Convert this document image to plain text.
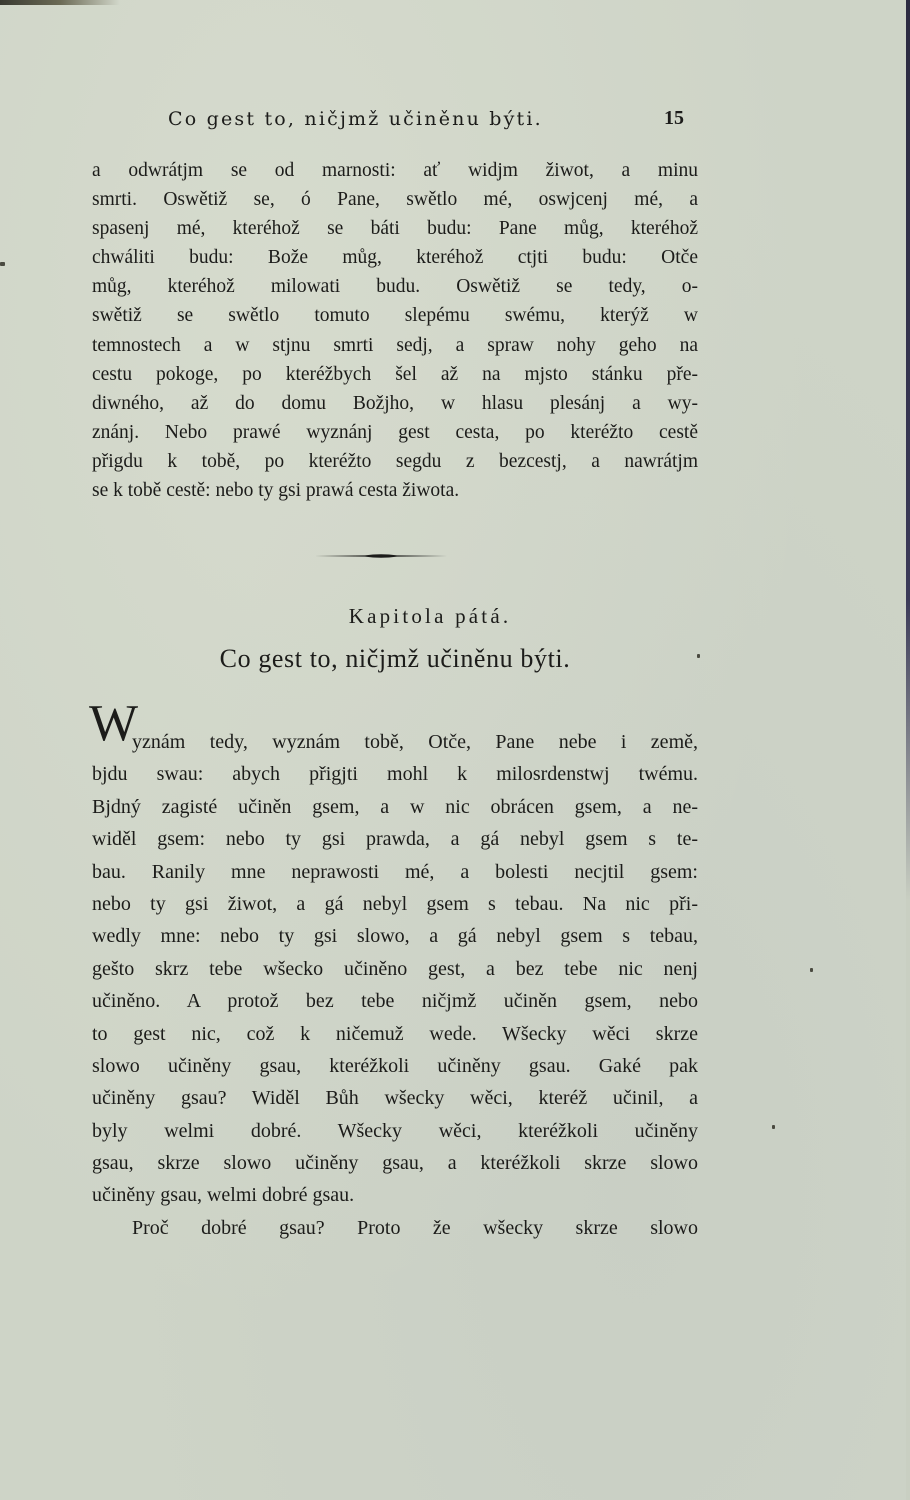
Co gest to, ničjmž učiněnu býti.	15
a odwrátjm se od marnosti: ať widjm žiwot, a minu
smrti. Oswětiž se, ó Pane, swětlo mé, oswjcenj mé, a
spasenj mé, kteréhož se báti budu: Pane můg, kteréhož
chwáliti budu: Bože můg, kteréhož ctjti budu: Otče
můg, kteréhož milowati budu. Oswětiž se tedy, o-
swětiž se swětlo tomuto slepému swému, kterýž w
temnostech a w stjnu smrti sedj, a spraw nohy geho na
cestu pokoge, po kteréžbych šel až na mjsto stánku pře-
diwného, až do domu Božjho, w hlasu plesánj a wy-
znánj. Nebo prawé wyznánj gest cesta, po kteréžto cestě
přigdu k tobě, po kteréžto segdu z bezcestj, a nawrátjm
se k tobě cestě: nebo ty gsi prawá cesta žiwota.
Kapitola pátá.
Co gest to, ničjmž učiněnu býti.
W
yznám tedy, wyznám tobě, Otče, Pane nebe i země,
bjdu swau: abych přigjti mohl k milosrdenstwj twému.
Bjdný zagisté učiněn gsem, a w nic obrácen gsem, a ne-
widěl gsem: nebo ty gsi prawda, a gá nebyl gsem s te-
bau. Ranily mne neprawosti mé, a bolesti necjtil gsem:
nebo ty gsi žiwot, a gá nebyl gsem s tebau. Na nic při-
wedly mne: nebo ty gsi slowo, a gá nebyl gsem s tebau,
gešto skrz tebe wšecko učiněno gest, a bez tebe nic nenj
učiněno. A protož bez tebe ničjmž učiněn gsem, nebo
to gest nic, což k ničemuž wede. Wšecky wěci skrze
slowo učiněny gsau, kteréžkoli učiněny gsau. Gaké pak
učiněny gsau? Widěl Bůh wšecky wěci, kteréž učinil, a
byly welmi dobré. Wšecky wěci, kteréžkoli učiněny
gsau, skrze slowo učiněny gsau, a kteréžkoli skrze slowo
učiněny gsau, welmi dobré gsau.
Proč dobré gsau? Proto že wšecky skrze slowo
